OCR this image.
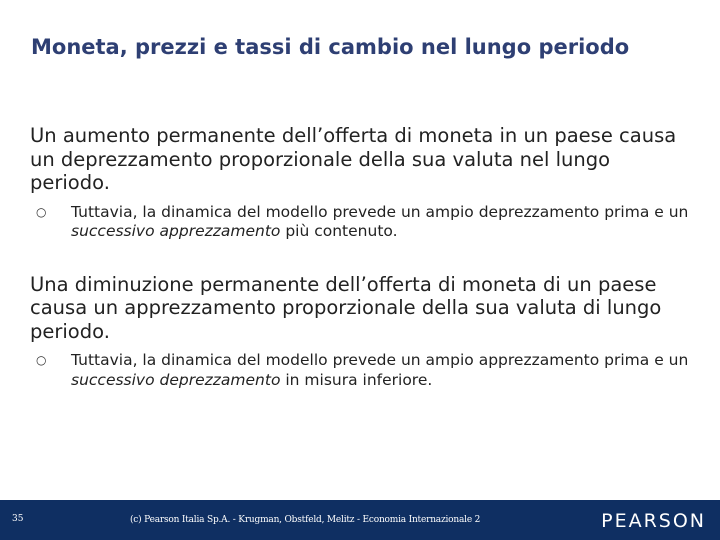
Moneta, prezzi e tassi di cambio nel lungo periodo

Un aumento permanente dell’offerta di moneta in un paese causa un deprezzamento proporzionale della sua valuta nel lungo periodo.

○ Tuttavia, la dinamica del modello prevede un ampio deprezzamento prima e un successivo apprezzamento più contenuto.

Una diminuzione permanente dell’offerta di moneta di un paese causa un apprezzamento proporzionale della sua valuta di lungo periodo.

○ Tuttavia, la dinamica del modello prevede un ampio apprezzamento prima e un successivo deprezzamento in misura inferiore.
35	(c) Pearson Italia Sp.A. - Krugman, Obstfeld, Melitz - Economia Internazionale 2	PEARSON
